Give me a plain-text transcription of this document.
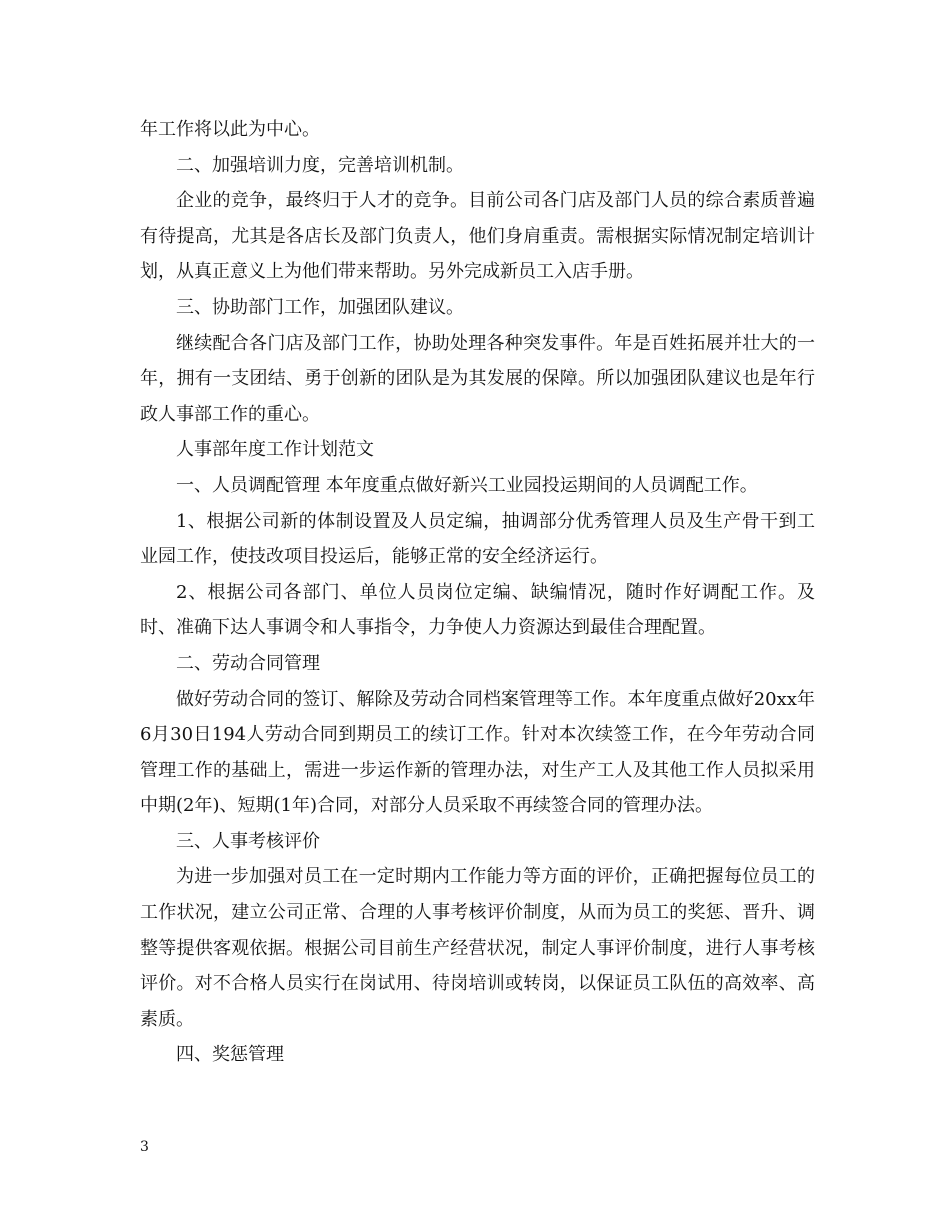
年工作将以此为中心。

二、加强培训力度，完善培训机制。

企业的竞争，最终归于人才的竞争。目前公司各门店及部门人员的综合素质普遍有待提高，尤其是各店长及部门负责人，他们身肩重责。需根据实际情况制定培训计划，从真正意义上为他们带来帮助。另外完成新员工入店手册。

三、协助部门工作，加强团队建议。

继续配合各门店及部门工作，协助处理各种突发事件。年是百姓拓展并壮大的一年，拥有一支团结、勇于创新的团队是为其发展的保障。所以加强团队建议也是年行政人事部工作的重心。

人事部年度工作计划范文

一、人员调配管理 本年度重点做好新兴工业园投运期间的人员调配工作。

1、根据公司新的体制设置及人员定编，抽调部分优秀管理人员及生产骨干到工业园工作，使技改项目投运后，能够正常的安全经济运行。

2、根据公司各部门、单位人员岗位定编、缺编情况，随时作好调配工作。及时、准确下达人事调令和人事指令，力争使人力资源达到最佳合理配置。

二、劳动合同管理

做好劳动合同的签订、解除及劳动合同档案管理等工作。本年度重点做好20xx年6月30日194人劳动合同到期员工的续订工作。针对本次续签工作，在今年劳动合同管理工作的基础上，需进一步运作新的管理办法，对生产工人及其他工作人员拟采用中期(2年)、短期(1年)合同，对部分人员采取不再续签合同的管理办法。

三、人事考核评价

为进一步加强对员工在一定时期内工作能力等方面的评价，正确把握每位员工的工作状况，建立公司正常、合理的人事考核评价制度，从而为员工的奖惩、晋升、调整等提供客观依据。根据公司目前生产经营状况，制定人事评价制度，进行人事考核评价。对不合格人员实行在岗试用、待岗培训或转岗，以保证员工队伍的高效率、高素质。

四、奖惩管理

3
